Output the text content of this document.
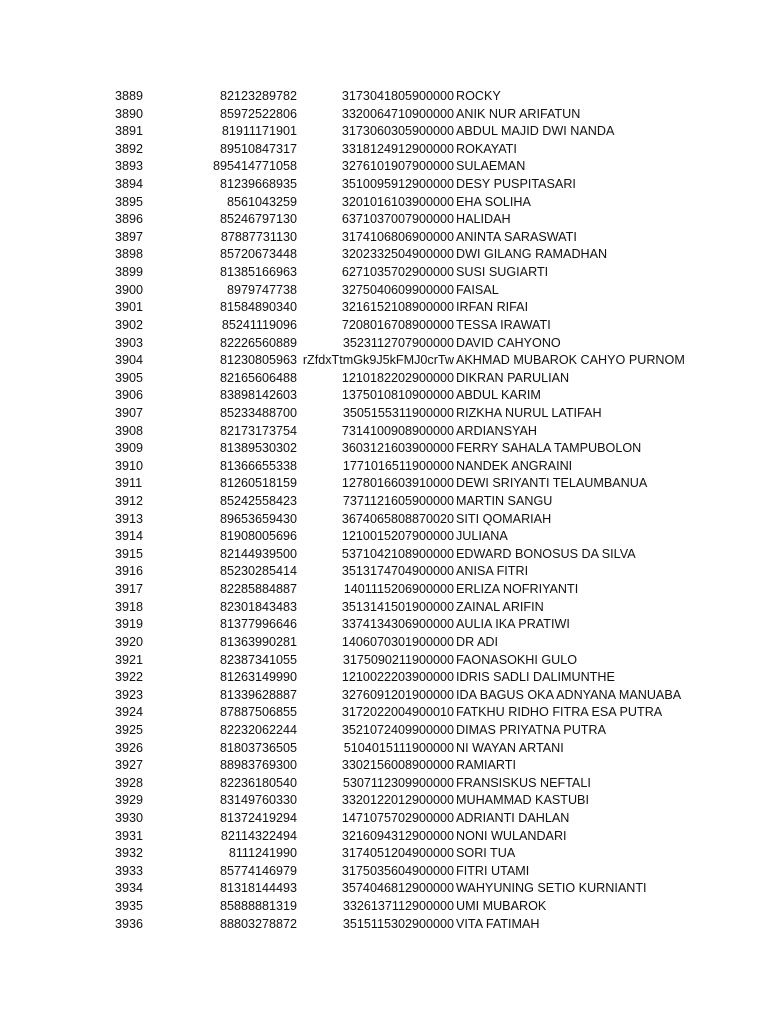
3889	82123289782	3173041805900000 ROCKY
3890	85972522806	3320064710900000 ANIK NUR ARIFATUN
3891	81911171901	3173060305900000 ABDUL MAJID DWI NANDA
3892	89510847317	3318124912900000 ROKAYATI
3893	895414771058	3276101907900000 SULAEMAN
3894	81239668935	3510095912900000 DESY PUSPITASARI
3895	8561043259	3201016103900000 EHA SOLIHA
3896	85246797130	6371037007900000 HALIDAH
3897	87887731130	3174106806900000 ANINTA SARASWATI
3898	85720673448	3202332504900000 DWI GILANG RAMADHAN
3899	81385166963	6271035702900000 SUSI SUGIARTI
3900	8979747738	3275040609900000 FAISAL
3901	81584890340	3216152108900000 IRFAN RIFAI
3902	85241119096	7208016708900000 TESSA IRAWATI
3903	82226560889	3523112707900000 DAVID CAHYONO
3904	81230805963 rZfdxTtmGk9J5kFMJ0crTw AKHMAD MUBAROK CAHYO PURNOM
3905	82165606488	1210182202900000 DIKRAN PARULIAN
3906	83898142603	1375010810900000 ABDUL KARIM
3907	85233488700	3505155311900000 RIZKHA NURUL LATIFAH
3908	82173173754	7314100908900000 ARDIANSYAH
3909	81389530302	3603121603900000 FERRY SAHALA TAMPUBOLON
3910	81366655338	1771016511900000 NANDEK ANGRAINI
3911	81260518159	1278016603910000 DEWI SRIYANTI TELAUMBANUA
3912	85242558423	7371121605900000 MARTIN SANGU
3913	89653659430	3674065808870020 SITI QOMARIAH
3914	81908005696	1210015207900000 JULIANA
3915	82144939500	5371042108900000 EDWARD BONOSUS DA SILVA
3916	85230285414	3513174704900000 ANISA FITRI
3917	82285884887	1401115206900000 ERLIZA NOFRIYANTI
3918	82301843483	3513141501900000 ZAINAL ARIFIN
3919	81377996646	3374134306900000 AULIA IKA PRATIWI
3920	81363990281	1406070301900000 DR ADI
3921	82387341055	3175090211900000 FAONASOKHI GULO
3922	81263149990	1210022203900000 IDRIS SADLI DALIMUNTHE
3923	81339628887	3276091201900000 IDA BAGUS OKA ADNYANA MANUABA
3924	87887506855	3172022004900010 FATKHU RIDHO FITRA ESA PUTRA
3925	82232062244	3521072409900000 DIMAS PRIYATNA PUTRA
3926	81803736505	5104015111900000 NI WAYAN ARTANI
3927	88983769300	3302156008900000 RAMIARTI
3928	82236180540	5307112309900000 FRANSISKUS NEFTALI
3929	83149760330	3320122012900000 MUHAMMAD KASTUBI
3930	81372419294	1471075702900000 ADRIANTI DAHLAN
3931	82114322494	3216094312900000 NONI WULANDARI
3932	8111241990	3174051204900000 SORI TUA
3933	85774146979	3175035604900000 FITRI UTAMI
3934	81318144493	3574046812900000 WAHYUNING SETIO KURNIANTI
3935	85888881319	3326137112900000 UMI MUBAROK
3936	88803278872	3515115302900000 VITA FATIMAH
